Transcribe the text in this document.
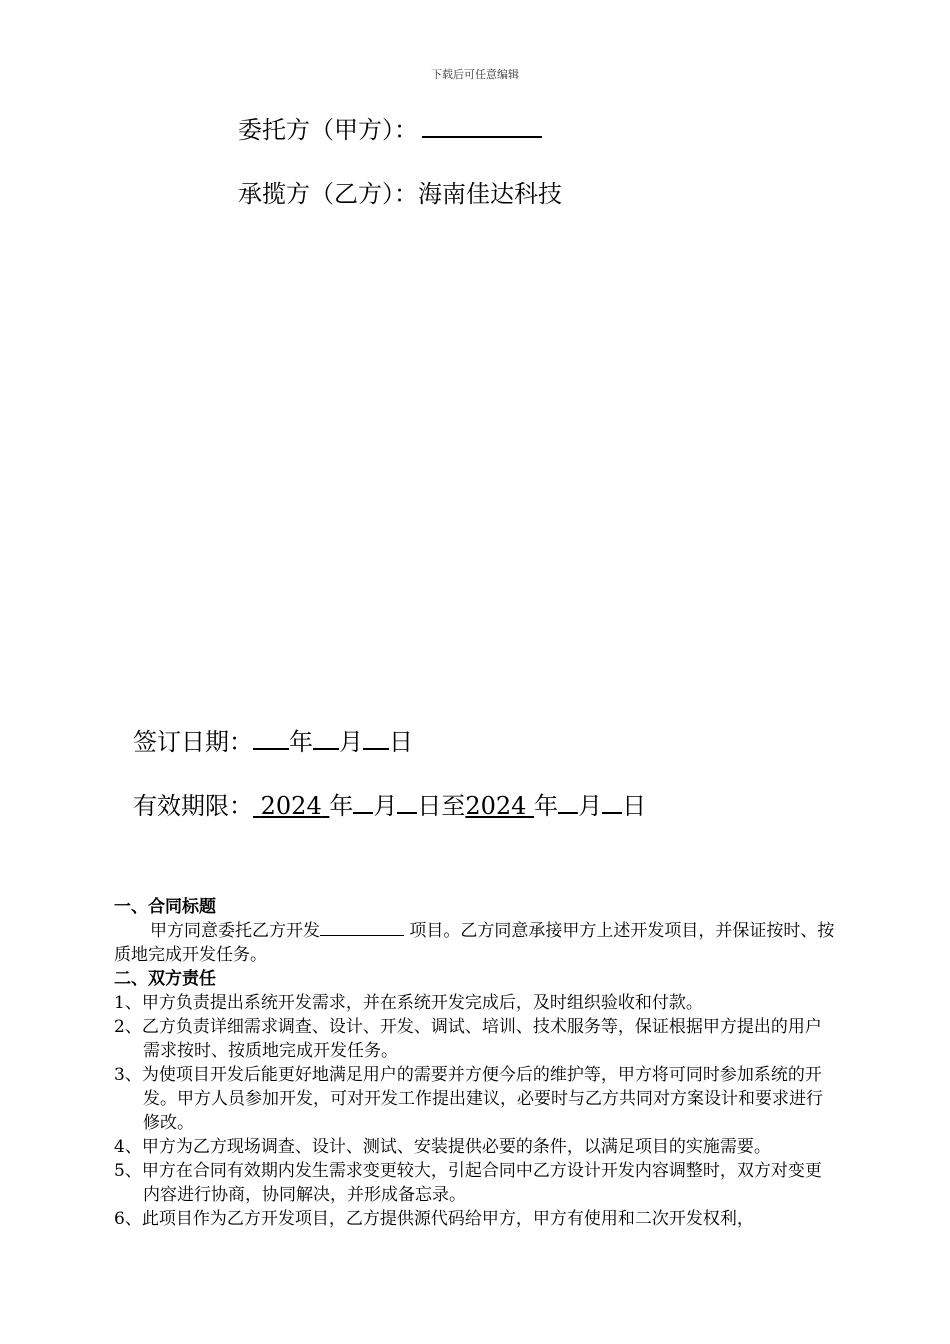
下载后可任意编辑
委托方（甲方）：
承揽方（乙方）：海南佳达科技
签订日期： 年 月 日
有效期限： 2024 年 月 日至2024 年 月 日
一、合同标题
甲方同意委托乙方开发	项目。乙方同意承接甲方上述开发项目，并保证按时、按质地完成开发任务。
二、双方责任

1、甲方负责提出系统开发需求，并在系统开发完成后，及时组织验收和付款。

2、乙方负责详细需求调查、设计、开发、调试、培训、技术服务等，保证根据甲方提出的用户需求按时、按质地完成开发任务。

3、为使项目开发后能更好地满足用户的需要并方便今后的维护等，甲方将可同时参加系统的开发。甲方人员参加开发，可对开发工作提出建议，必要时与乙方共同对方案设计和要求进行修改。

4、甲方为乙方现场调查、设计、测试、安装提供必要的条件，以满足项目的实施需要。

5、甲方在合同有效期内发生需求变更较大，引起合同中乙方设计开发内容调整时，双方对变更内容进行协商，协同解决，并形成备忘录。

6、此项目作为乙方开发项目，乙方提供源代码给甲方，甲方有使用和二次开发权利，
